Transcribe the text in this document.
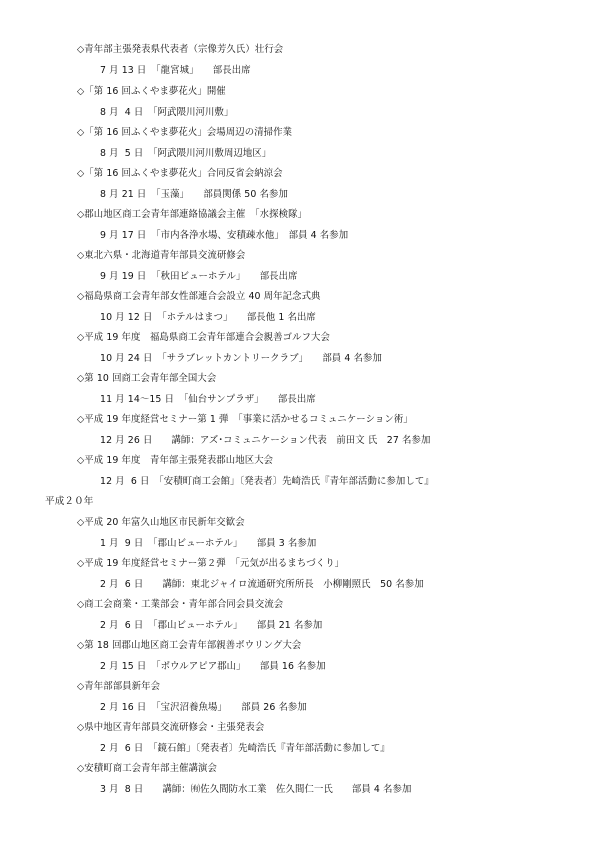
◇青年部主張発表県代表者（宗像芳久氏）壮行会
7 月 13 日　「龍宮城」　　部長出席
◇「第 16 回ふくやま夢花火」開催
8 月  4 日　「阿武隈川河川敷」
◇「第 16 回ふくやま夢花火」会場周辺の清掃作業
8 月  5 日　「阿武隈川河川敷周辺地区」
◇「第 16 回ふくやま夢花火」合同反省会納涼会
8 月 21 日　「玉藻」　　部員関係 50 名参加
◇郡山地区商工会青年部連絡協議会主催　「水探検隊」
9 月 17 日　「市内各浄水場、安積疎水他」　部員 4 名参加
◇東北六県・北海道青年部員交流研修会
9 月 19 日　「秋田ビューホテル」　　部長出席
◇福島県商工会青年部女性部連合会設立 40 周年記念式典
10 月 12 日　「ホテルはまつ」　　部長他 1 名出席
◇平成 19 年度　福島県商工会青年部連合会親善ゴルフ大会
10 月 24 日　「サラブレットカントリークラブ」　　部員 4 名参加
◇第 10 回商工会青年部全国大会
11 月 14～15 日　「仙台サンプラザ」　　部長出席
◇平成 19 年度経営セミナー第 1 弾　「事業に活かせるコミュニケーション術」
12 月 26 日　　講師：アズ･コミュニケーション代表　前田文 氏　27 名参加
◇平成 19 年度　青年部主張発表郡山地区大会
12 月  6 日　「安積町商工会館」〔発表者〕先崎浩氏『青年部活動に参加して』
平成２０年
◇平成 20 年富久山地区市民新年交歓会
1 月  9 日　「郡山ビューホテル」　　部員 3 名参加
◇平成 19 年度経営セミナー第２弾　「元気が出るまちづくり」
2 月  6 日　　講師：東北ジャイロ流通研究所所長　小柳剛照氏　50 名参加
◇商工会商業・工業部会・青年部合同会員交流会
2 月  6 日　「郡山ビューホテル」　　部員 21 名参加
◇第 18 回郡山地区商工会青年部親善ボウリング大会
2 月 15 日　「ボウルアピア郡山」　　部員 16 名参加
◇青年部部員新年会
2 月 16 日　「宝沢沼養魚場」　　部員 26 名参加
◇県中地区青年部員交流研修会・主張発表会
2 月  6 日　「鏡石館」〔発表者〕先崎浩氏『青年部活動に参加して』
◇安積町商工会青年部主催講演会
3 月  8 日　　講師：㈲佐久間防水工業　佐久間仁一氏　　部員 4 名参加
